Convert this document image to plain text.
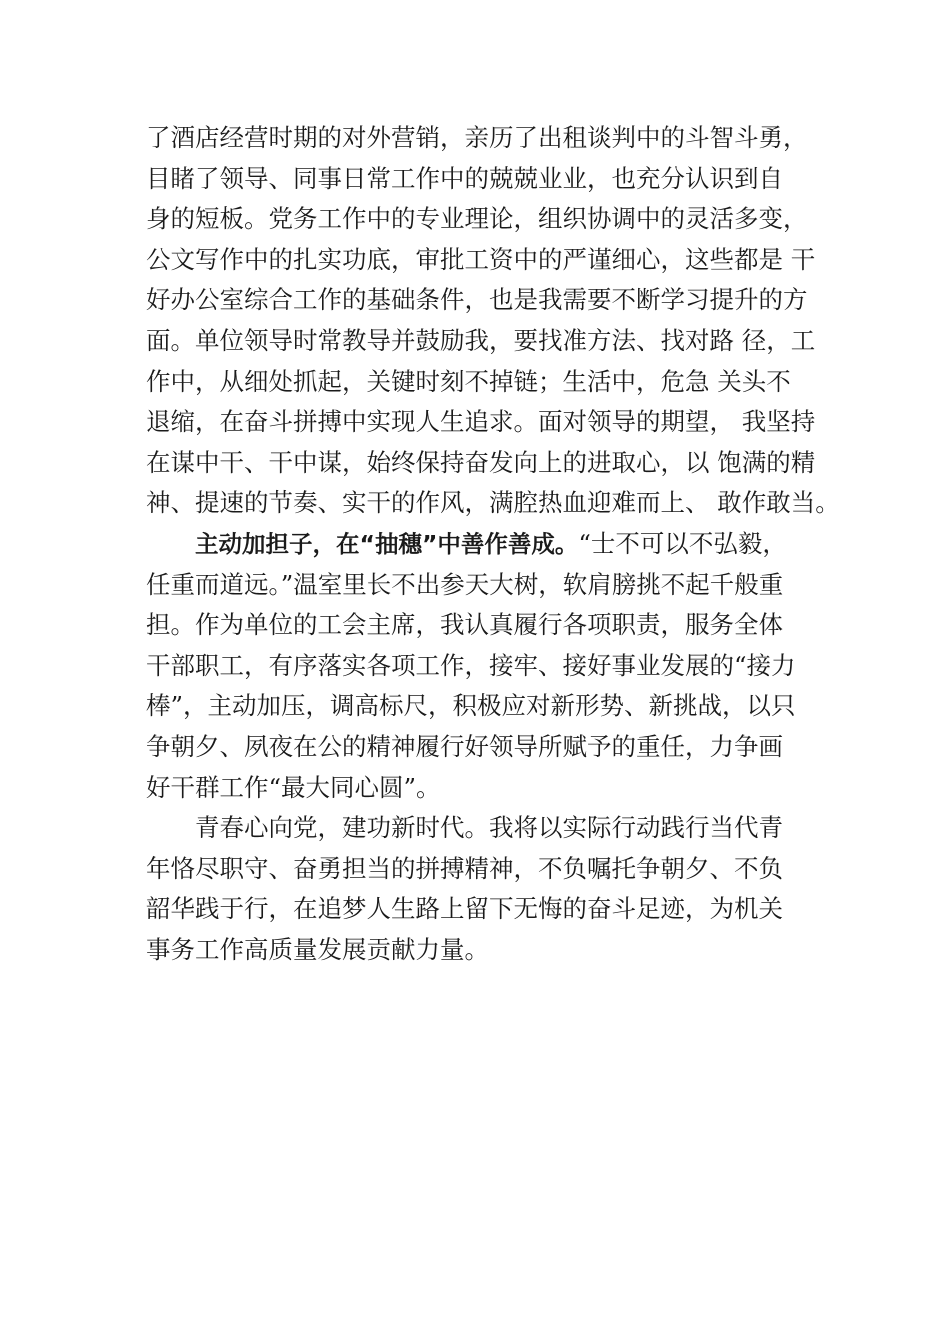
了酒店经营时期的对外营销，亲历了出租谈判中的斗智斗勇，
目睹了领导、同事日常工作中的兢兢业业，也充分认识到自
身的短板。党务工作中的专业理论，组织协调中的灵活多变，
公文写作中的扎实功底，审批工资中的严谨细心，这些都是 干
好办公室综合工作的基础条件，也是我需要不断学习提升的方
面。单位领导时常教导并鼓励我，要找准方法、找对路 径，工
作中，从细处抓起，关键时刻不掉链；生活中，危急 关头不
退缩，在奋斗拼搏中实现人生追求。面对领导的期望， 我坚持
在谋中干、干中谋，始终保持奋发向上的进取心，以 饱满的精
神、提速的节奏、实干的作风，满腔热血迎难而上、 敢作敢当。
主动加担子，在“抽穗”中善作善成。“士不可以不弘毅，
任重而道远。”温室里长不出参天大树，软肩膀挑不起千般重
担。作为单位的工会主席，我认真履行各项职责，服务全体
干部职工，有序落实各项工作，接牢、接好事业发展的“接力
棒”，主动加压，调高标尺，积极应对新形势、新挑战，以只
争朝夕、夙夜在公的精神履行好领导所赋予的重任，力争画
好干群工作“最大同心圆”。
青春心向党，建功新时代。我将以实际行动践行当代青
年恪尽职守、奋勇担当的拼搏精神，不负嘱托争朝夕、不负
韶华践于行，在追梦人生路上留下无悔的奋斗足迹，为机关
事务工作高质量发展贡献力量。
